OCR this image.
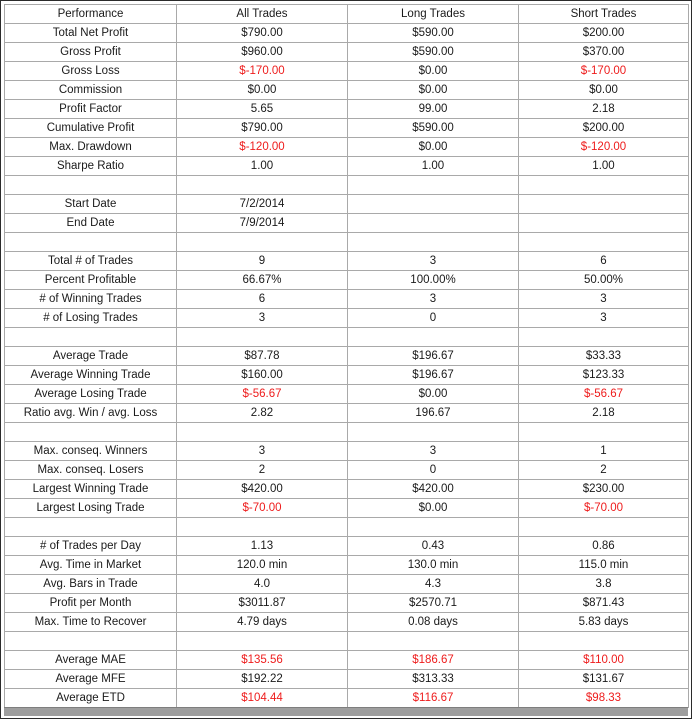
Performance	All Trades	Long Trades	Short Trades
Total Net Profit	$790.00	$590.00	$200.00
Gross Profit	$960.00	$590.00	$370.00
Gross Loss	$-170.00	$0.00	$-170.00
Commission	$0.00	$0.00	$0.00
Profit Factor	5.65	99.00	2.18
Cumulative Profit	$790.00	$590.00	$200.00
Max. Drawdown	$-120.00	$0.00	$-120.00
Sharpe Ratio	1.00	1.00	1.00

Start Date	7/2/2014		
End Date	7/9/2014		

Total # of Trades	9	3	6
Percent Profitable	66.67%	100.00%	50.00%
# of Winning Trades	6	3	3
# of Losing Trades	3	0	3

Average Trade	$87.78	$196.67	$33.33
Average Winning Trade	$160.00	$196.67	$123.33
Average Losing Trade	$-56.67	$0.00	$-56.67
Ratio avg. Win / avg. Loss	2.82	196.67	2.18

Max. conseq. Winners	3	3	1
Max. conseq. Losers	2	0	2
Largest Winning Trade	$420.00	$420.00	$230.00
Largest Losing Trade	$-70.00	$0.00	$-70.00

# of Trades per Day	1.13	0.43	0.86
Avg. Time in Market	120.0 min	130.0 min	115.0 min
Avg. Bars in Trade	4.0	4.3	3.8
Profit per Month	$3011.87	$2570.71	$871.43
Max. Time to Recover	4.79 days	0.08 days	5.83 days

Average MAE	$135.56	$186.67	$110.00
Average MFE	$192.22	$313.33	$131.67
Average ETD	$104.44	$116.67	$98.33
